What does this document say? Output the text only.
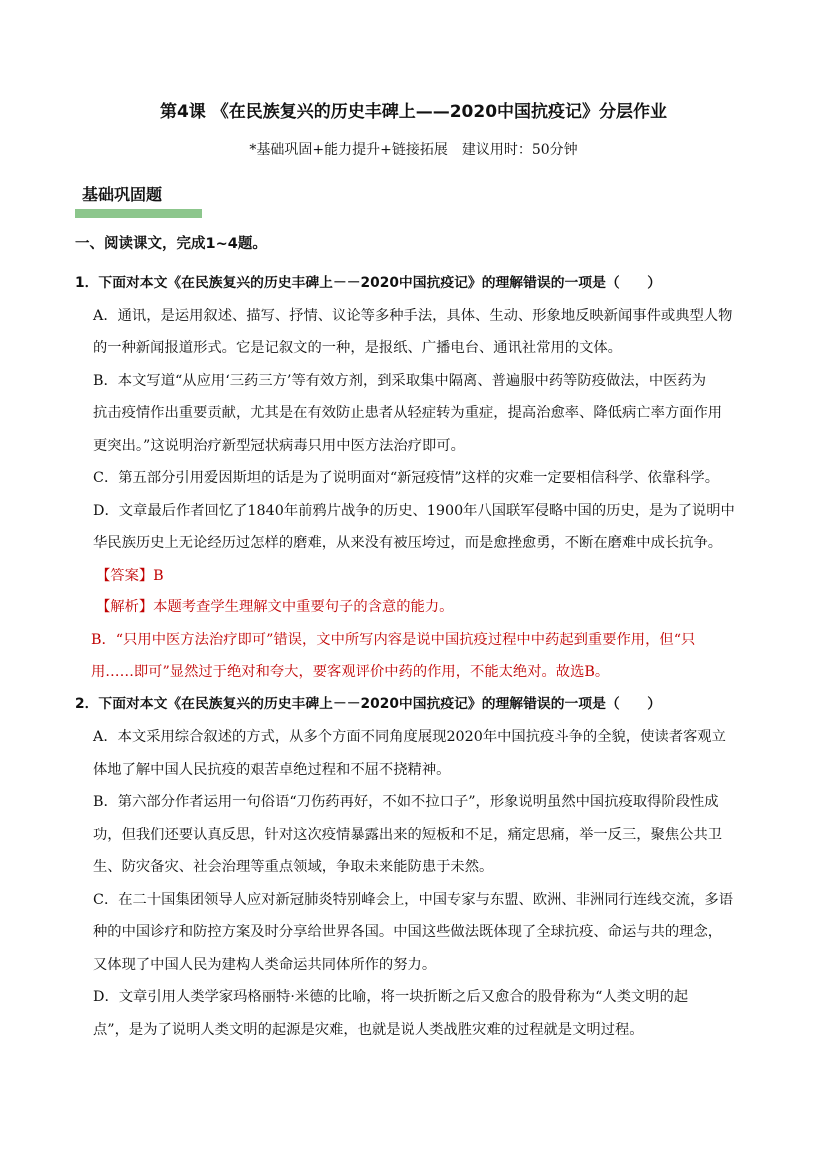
第4课 《在民族复兴的历史丰碑上——2020中国抗疫记》分层作业
*基础巩固+能力提升+链接拓展　建议用时：50分钟
基础巩固题
一、阅读课文，完成1~4题。
1．下面对本文《在民族复兴的历史丰碑上－－2020中国抗疫记》的理解错误的一项是（　　）
A．通讯，是运用叙述、描写、抒情、议论等多种手法，具体、生动、形象地反映新闻事件或典型人物
的一种新闻报道形式。它是记叙文的一种，是报纸、广播电台、通讯社常用的文体。
B．本文写道“从应用‘三药三方’等有效方剂，到采取集中隔离、普遍服中药等防疫做法，中医药为
抗击疫情作出重要贡献，尤其是在有效防止患者从轻症转为重症，提高治愈率、降低病亡率方面作用
更突出。”这说明治疗新型冠状病毒只用中医方法治疗即可。
C．第五部分引用爱因斯坦的话是为了说明面对“新冠疫情”这样的灾难一定要相信科学、依靠科学。
D．文章最后作者回忆了1840年前鸦片战争的历史、1900年八国联军侵略中国的历史，是为了说明中
华民族历史上无论经历过怎样的磨难，从来没有被压垮过，而是愈挫愈勇，不断在磨难中成长抗争。
【答案】B
【解析】本题考查学生理解文中重要句子的含意的能力。
B．“只用中医方法治疗即可”错误，文中所写内容是说中国抗疫过程中中药起到重要作用，但“只
用……即可”显然过于绝对和夸大，要客观评价中药的作用，不能太绝对。故选B。
2．下面对本文《在民族复兴的历史丰碑上－－2020中国抗疫记》的理解错误的一项是（　　）
A．本文采用综合叙述的方式，从多个方面不同角度展现2020年中国抗疫斗争的全貌，使读者客观立
体地了解中国人民抗疫的艰苦卓绝过程和不屈不挠精神。
B．第六部分作者运用一句俗语“刀伤药再好，不如不拉口子”，形象说明虽然中国抗疫取得阶段性成
功，但我们还要认真反思，针对这次疫情暴露出来的短板和不足，痛定思痛，举一反三，聚焦公共卫
生、防灾备灾、社会治理等重点领域，争取未来能防患于未然。
C．在二十国集团领导人应对新冠肺炎特别峰会上，中国专家与东盟、欧洲、非洲同行连线交流，多语
种的中国诊疗和防控方案及时分享给世界各国。中国这些做法既体现了全球抗疫、命运与共的理念，
又体现了中国人民为建构人类命运共同体所作的努力。
D．文章引用人类学家玛格丽特·米德的比喻，将一块折断之后又愈合的股骨称为“人类文明的起
点”，是为了说明人类文明的起源是灾难，也就是说人类战胜灾难的过程就是文明过程。
